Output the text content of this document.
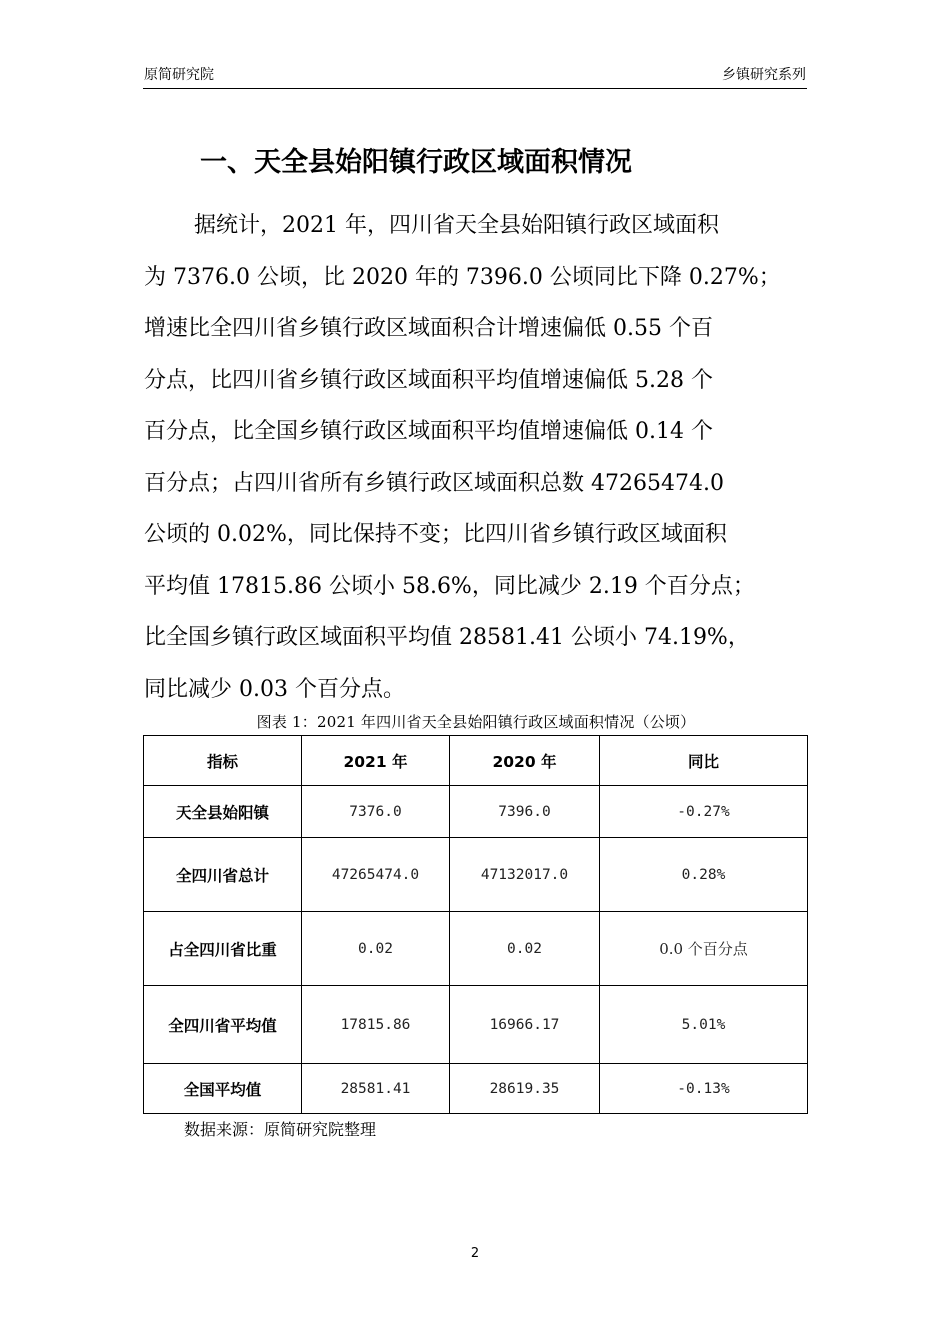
原简研究院	乡镇研究系列
一、天全县始阳镇行政区域面积情况

据统计，2021 年，四川省天全县始阳镇行政区域面积
为 7376.0 公顷，比 2020 年的 7396.0 公顷同比下降 0.27%；
增速比全四川省乡镇行政区域面积合计增速偏低 0.55 个百
分点，比四川省乡镇行政区域面积平均值增速偏低 5.28 个
百分点，比全国乡镇行政区域面积平均值增速偏低 0.14 个
百分点；占四川省所有乡镇行政区域面积总数 47265474.0
公顷的 0.02%，同比保持不变；比四川省乡镇行政区域面积
平均值 17815.86 公顷小 58.6%，同比减少 2.19 个百分点；
比全国乡镇行政区域面积平均值 28581.41 公顷小 74.19%，
同比减少 0.03 个百分点。

图表 1：2021 年四川省天全县始阳镇行政区域面积情况（公顷）
指标	2021 年	2020 年	同比
天全县始阳镇	7376.0	7396.0	-0.27%
全四川省总计	47265474.0	47132017.0	0.28%
占全四川省比重	0.02	0.02	0.0 个百分点
全四川省平均值	17815.86	16966.17	5.01%
全国平均值	28581.41	28619.35	-0.13%
数据来源：原简研究院整理
2
